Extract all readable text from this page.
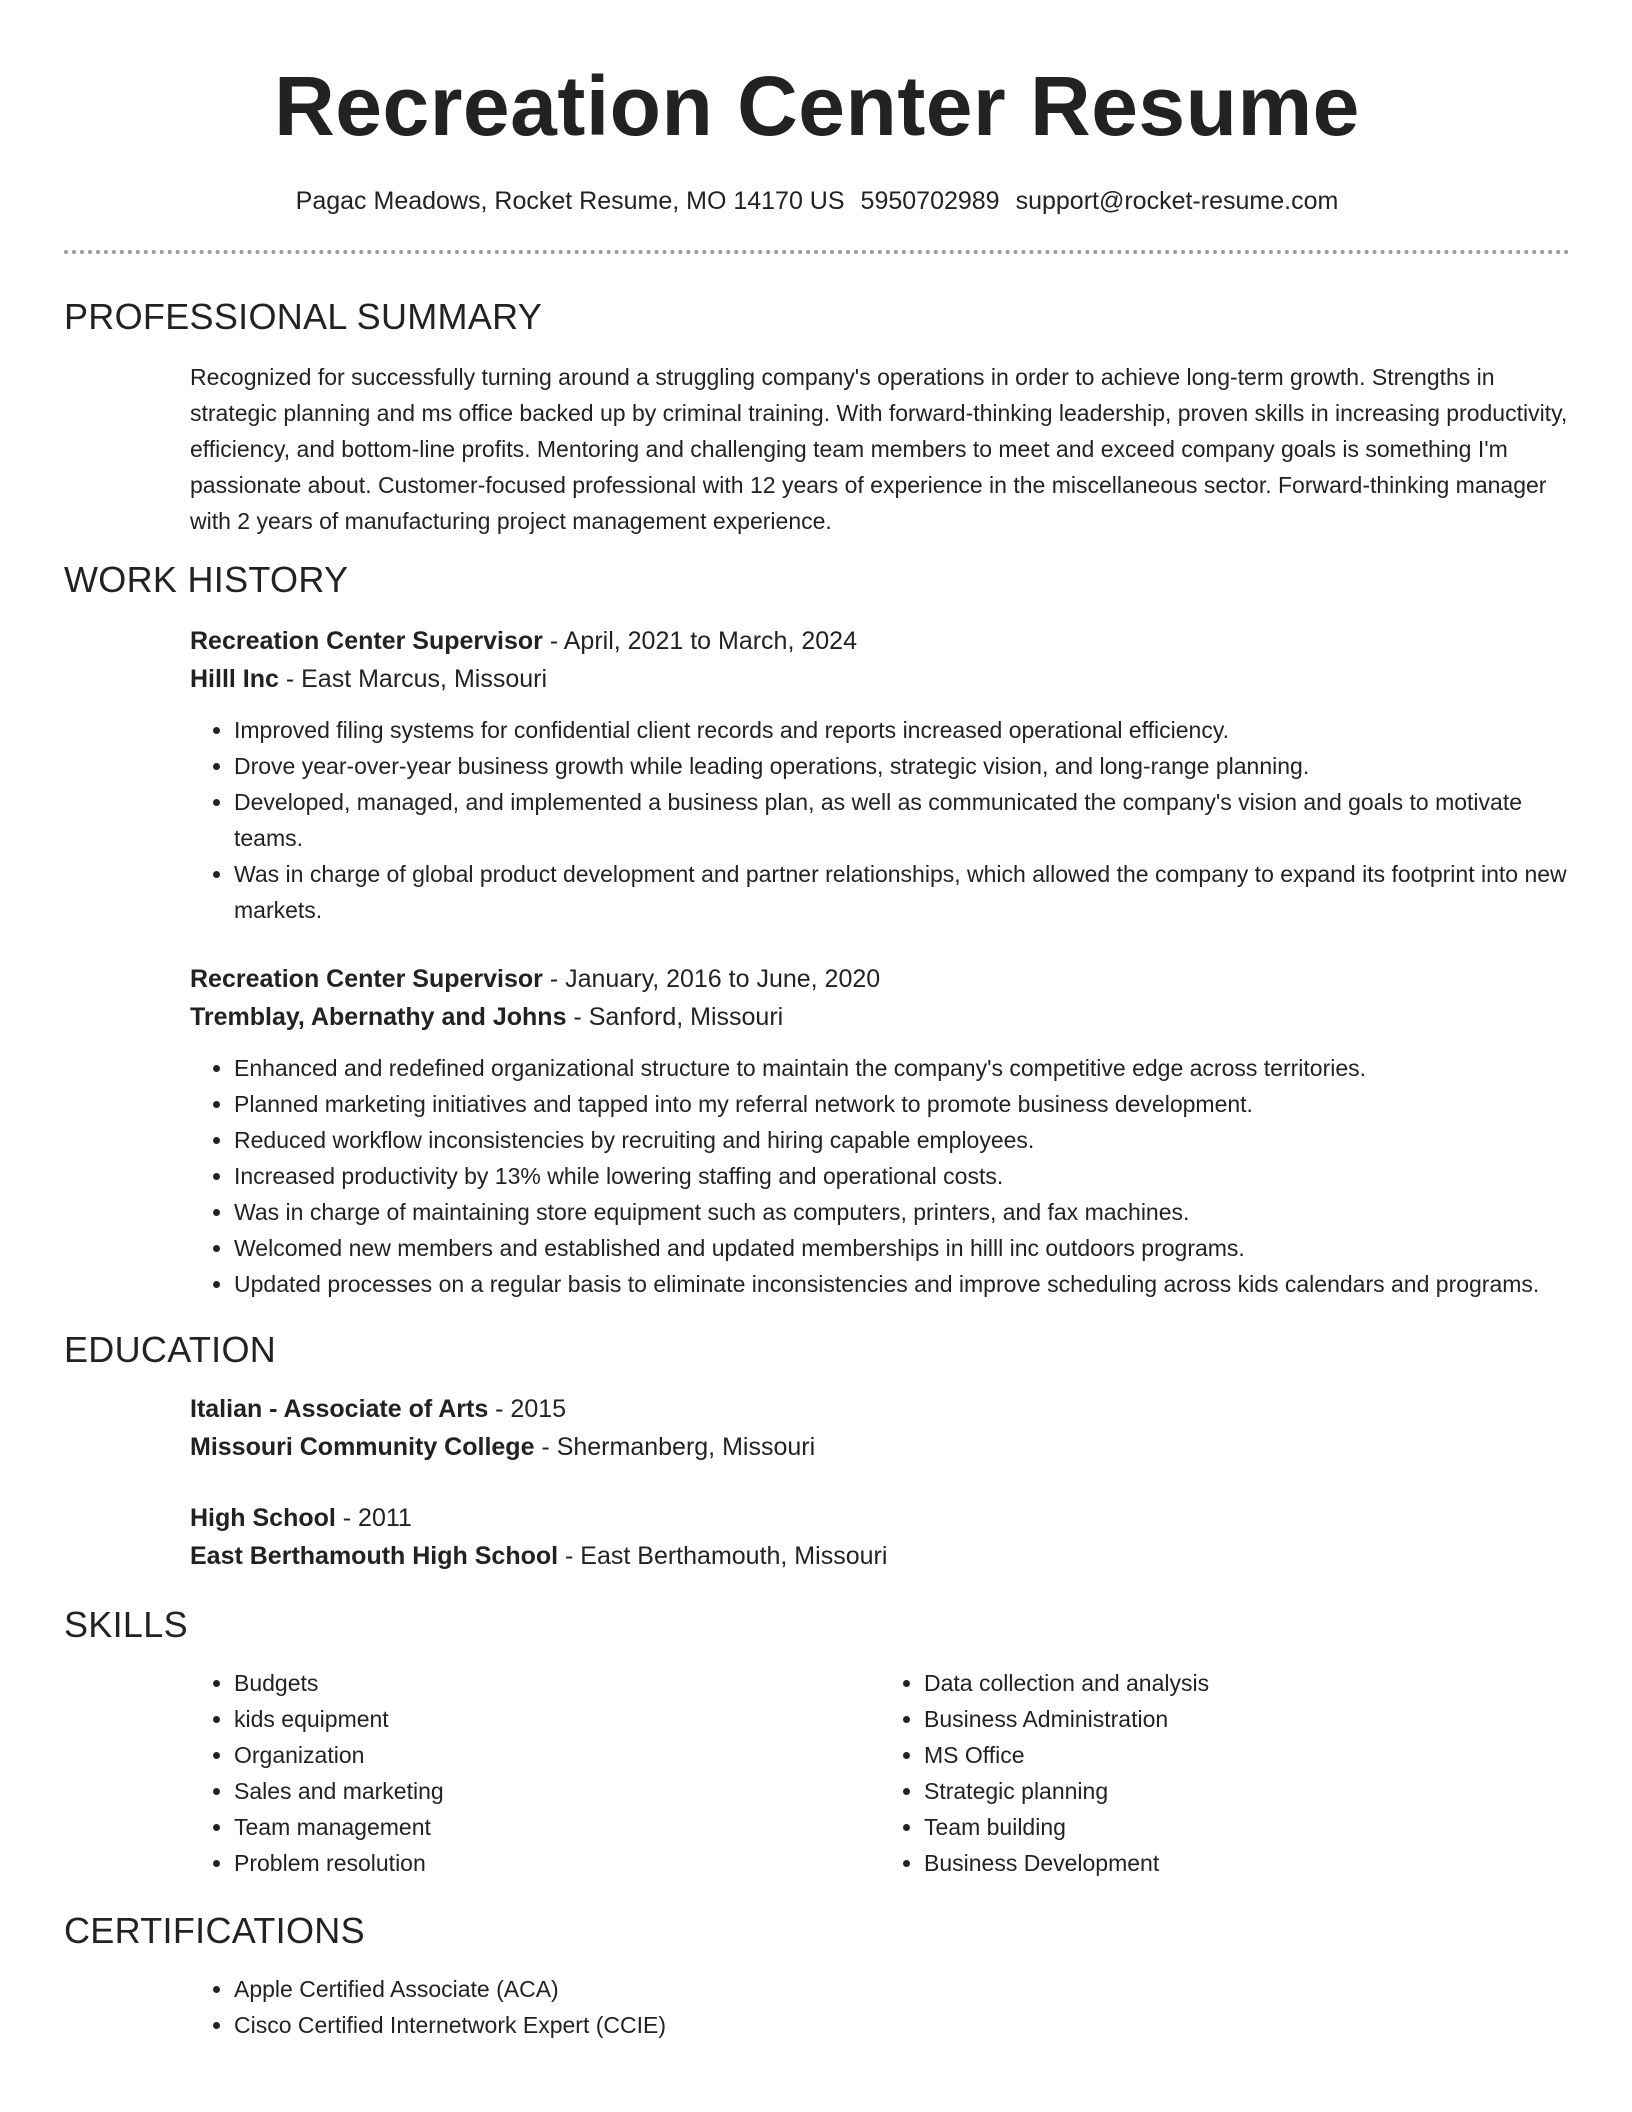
Recreation Center Resume
Pagac Meadows, Rocket Resume, MO 14170 US 5950702989 support@rocket-resume.com
PROFESSIONAL SUMMARY

Recognized for successfully turning around a struggling company's operations in order to achieve long-term growth. Strengths in strategic planning and ms office backed up by criminal training. With forward-thinking leadership, proven skills in increasing productivity, efficiency, and bottom-line profits. Mentoring and challenging team members to meet and exceed company goals is something I'm passionate about. Customer-focused professional with 12 years of experience in the miscellaneous sector. Forward-thinking manager with 2 years of manufacturing project management experience.

WORK HISTORY
Recreation Center Supervisor - April, 2021 to March, 2024
Hilll Inc - East Marcus, Missouri
• Improved filing systems for confidential client records and reports increased operational efficiency.
• Drove year-over-year business growth while leading operations, strategic vision, and long-range planning.
• Developed, managed, and implemented a business plan, as well as communicated the company's vision and goals to motivate teams.
• Was in charge of global product development and partner relationships, which allowed the company to expand its footprint into new markets.
Recreation Center Supervisor - January, 2016 to June, 2020
Tremblay, Abernathy and Johns - Sanford, Missouri
• Enhanced and redefined organizational structure to maintain the company's competitive edge across territories.
• Planned marketing initiatives and tapped into my referral network to promote business development.
• Reduced workflow inconsistencies by recruiting and hiring capable employees.
• Increased productivity by 13% while lowering staffing and operational costs.
• Was in charge of maintaining store equipment such as computers, printers, and fax machines.
• Welcomed new members and established and updated memberships in hilll inc outdoors programs.
• Updated processes on a regular basis to eliminate inconsistencies and improve scheduling across kids calendars and programs.
EDUCATION
Italian - Associate of Arts - 2015
Missouri Community College - Shermanberg, Missouri
High School - 2011
East Berthamouth High School - East Berthamouth, Missouri
SKILLS
• Budgets
• kids equipment
• Organization
• Sales and marketing
• Team management
• Problem resolution
• Data collection and analysis
• Business Administration
• MS Office
• Strategic planning
• Team building
• Business Development
CERTIFICATIONS
• Apple Certified Associate (ACA)
• Cisco Certified Internetwork Expert (CCIE)
